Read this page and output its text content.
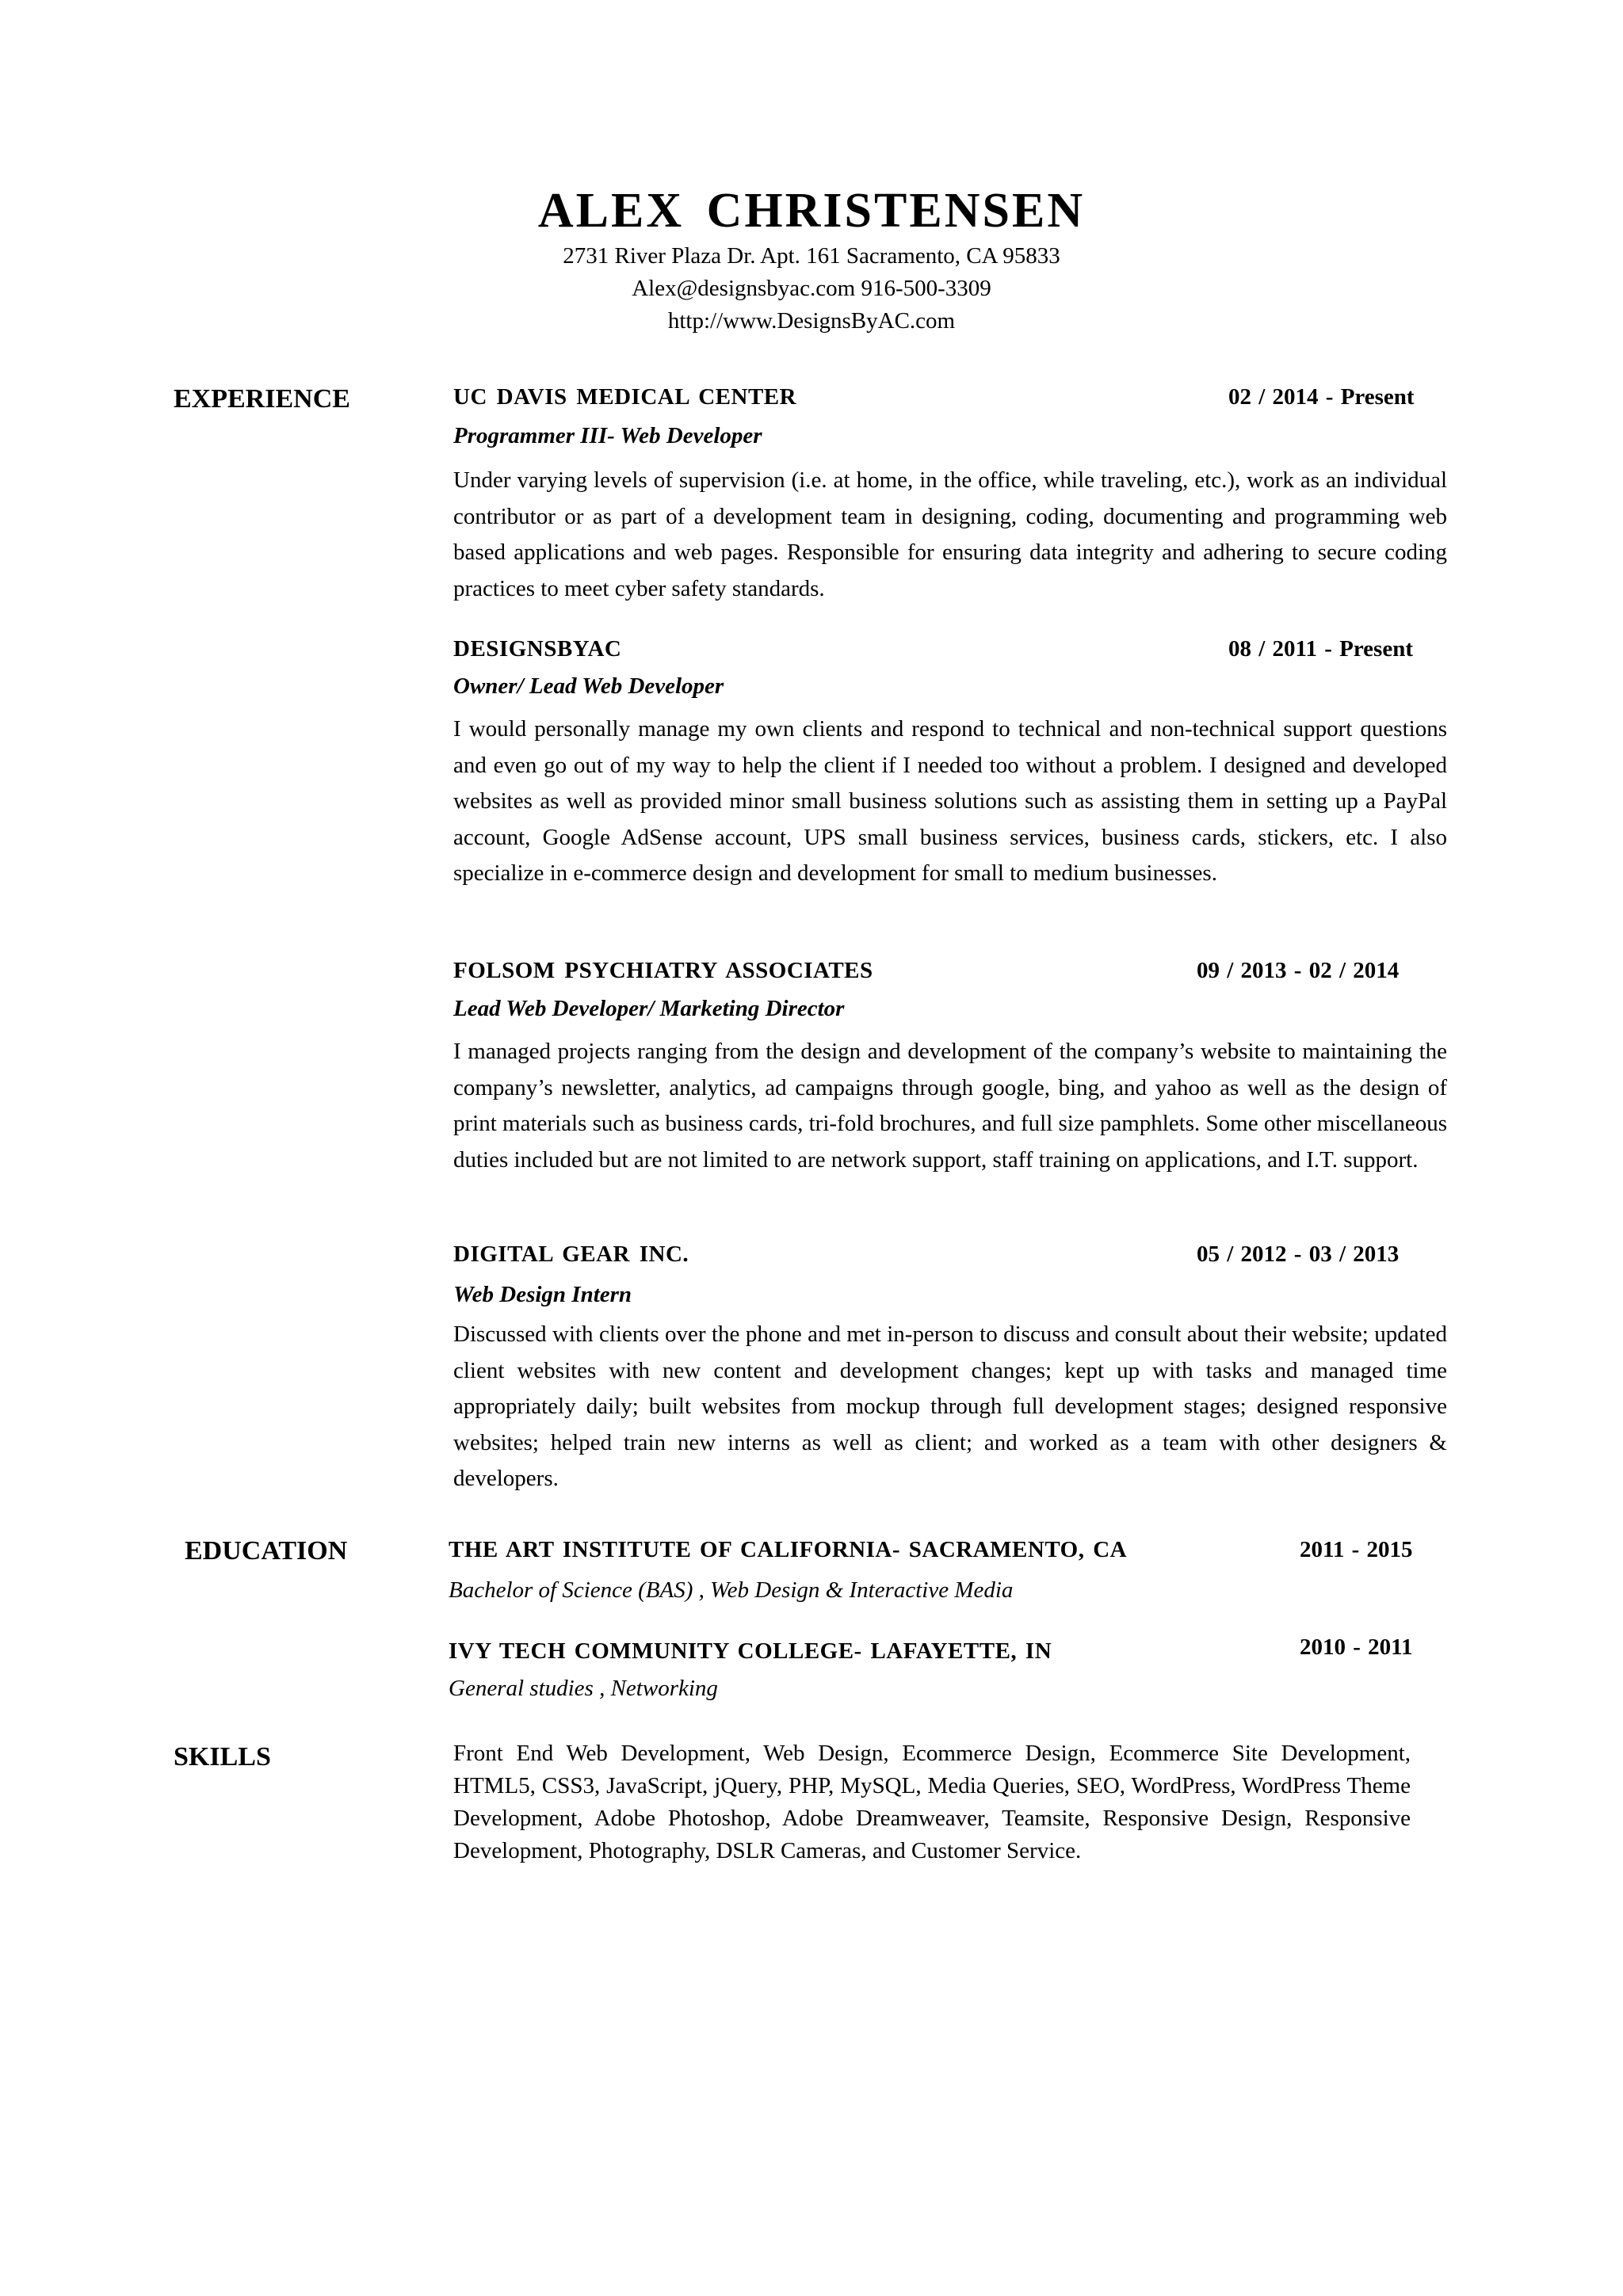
ALEX CHRISTENSEN
2731 River Plaza Dr. Apt. 161 Sacramento, CA 95833
Alex@designsbyac.com 916-500-3309
http://www.DesignsByAC.com
EXPERIENCE
EDUCATION
SKILLS
UC DAVIS MEDICAL CENTER	02 / 2014 - Present
Programmer III- Web Developer

Under varying levels of supervision (i.e. at home, in the office, while traveling, etc.), work as an individual contributor or as part of a development team in designing, coding, documenting and programming web based applications and web pages. Responsible for ensuring data integrity and adhering to secure coding practices to meet cyber safety standards.

DESIGNSBYAC	08 / 2011 - Present
Owner/ Lead Web Developer

I would personally manage my own clients and respond to technical and non-technical support questions and even go out of my way to help the client if I needed too without a problem. I designed and developed websites as well as provided minor small business solutions such as assisting them in setting up a PayPal account, Google AdSense account, UPS small business services, business cards, stickers, etc. I also specialize in e-commerce design and development for small to medium businesses.

FOLSOM PSYCHIATRY ASSOCIATES	09 / 2013 - 02 / 2014
Lead Web Developer/ Marketing Director

I managed projects ranging from the design and development of the company’s website to maintaining the company’s newsletter, analytics, ad campaigns through google, bing, and yahoo as well as the design of print materials such as business cards, tri-fold brochures, and full size pamphlets. Some other miscellaneous duties included but are not limited to are network support, staff training on applications, and I.T. support.

DIGITAL GEAR INC.	05 / 2012 - 03 / 2013
Web Design Intern

Discussed with clients over the phone and met in-person to discuss and consult about their website; updated client websites with new content and development changes; kept up with tasks and managed time appropriately daily; built websites from mockup through full development stages; designed responsive websites; helped train new interns as well as client; and worked as a team with other designers & developers.

THE ART INSTITUTE OF CALIFORNIA- SACRAMENTO, CA	2011 - 2015
Bachelor of Science (BAS) , Web Design & Interactive Media
IVY TECH COMMUNITY COLLEGE- LAFAYETTE, IN	2010 - 2011
General studies , Networking

Front End Web Development, Web Design, Ecommerce Design, Ecommerce Site Development, HTML5, CSS3, JavaScript, jQuery, PHP, MySQL, Media Queries, SEO, WordPress, WordPress Theme Development, Adobe Photoshop, Adobe Dreamweaver, Teamsite, Responsive Design, Responsive Development, Photography, DSLR Cameras, and Customer Service.
